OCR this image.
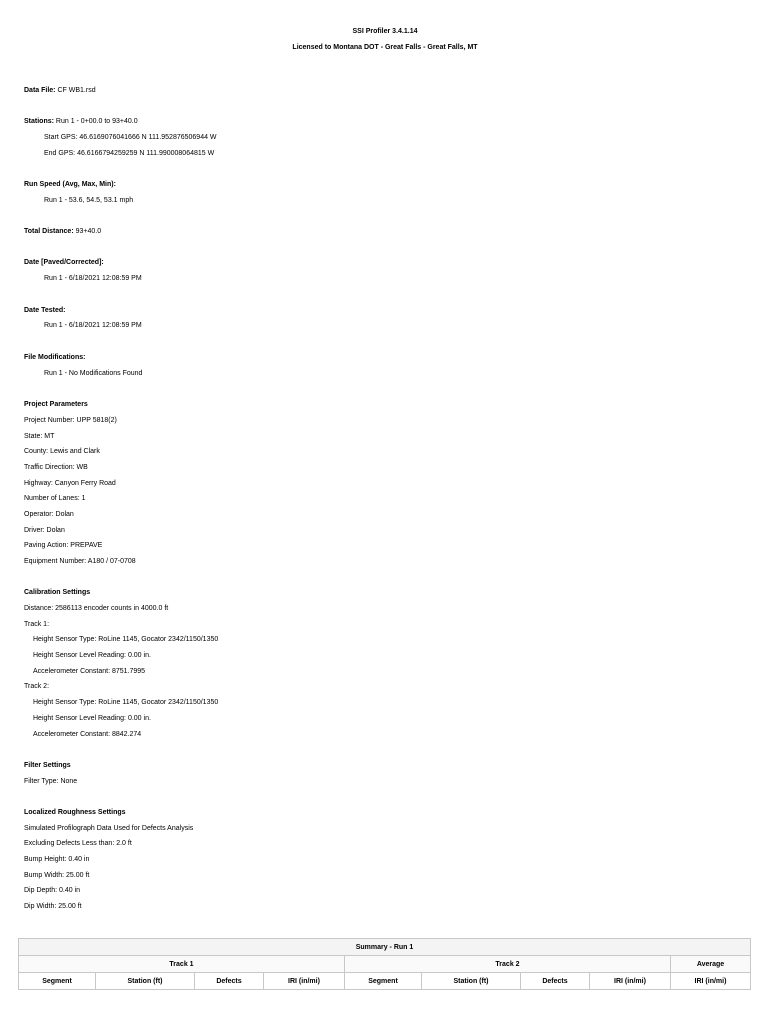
SSI Profiler 3.4.1.14
Licensed to Montana DOT - Great Falls - Great Falls, MT
Data File: CF WB1.rsd
Stations: Run 1 - 0+00.0 to 93+40.0
Start GPS: 46.6169076041666 N 111.952876506944 W
End GPS: 46.6166794259259 N 111.990008064815 W
Run Speed (Avg, Max, Min):
Run 1 - 53.6, 54.5, 53.1 mph
Total Distance: 93+40.0
Date [Paved/Corrected]:
Run 1 - 6/18/2021 12:08:59 PM
Date Tested:
Run 1 - 6/18/2021 12:08:59 PM
File Modifications:
Run 1 - No Modifications Found
Project Parameters
Project Number: UPP 5818(2)
State: MT
County: Lewis and Clark
Traffic Direction: WB
Highway: Canyon Ferry Road
Number of Lanes: 1
Operator: Dolan
Driver: Dolan
Paving Action: PREPAVE
Equipment Number: A180 / 07-0708
Calibration Settings
Distance: 2586113 encoder counts in 4000.0 ft
Track 1:
Height Sensor Type: RoLine 1145, Gocator 2342/1150/1350
Height Sensor Level Reading: 0.00 in.
Accelerometer Constant: 8751.7995
Track 2:
Height Sensor Type: RoLine 1145, Gocator 2342/1150/1350
Height Sensor Level Reading: 0.00 in.
Accelerometer Constant: 8842.274
Filter Settings
Filter Type: None
Localized Roughness Settings
Simulated Profilograph Data Used for Defects Analysis
Excluding Defects Less than: 2.0 ft
Bump Height: 0.40 in
Bump Width: 25.00 ft
Dip Depth: 0.40 in
Dip Width: 25.00 ft
Summary - Run 1								
Track 1				Track 2				Average
Segment	Station (ft)	Defects	IRI (in/mi)	Segment	Station (ft)	Defects	IRI (in/mi)	IRI (in/mi)
